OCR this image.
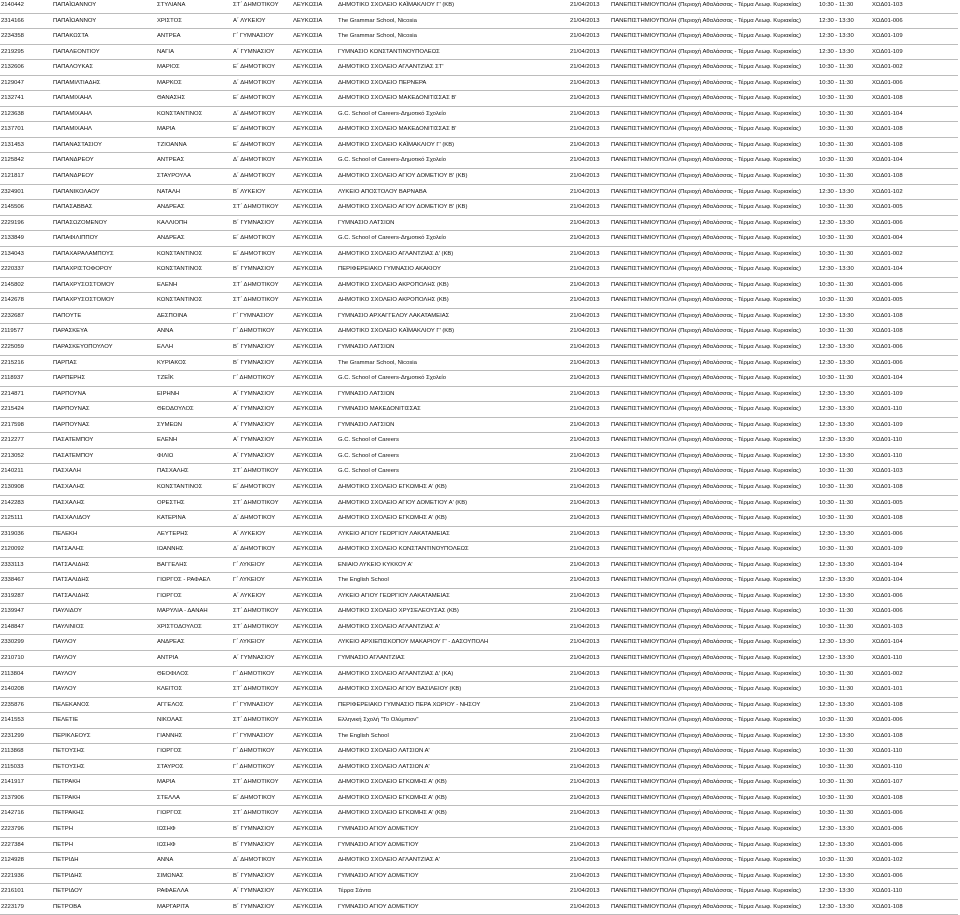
2140442	ΠΑΠΑΪΩΑΝΝΟΥ	ΣΤΥΛΙΑΝΑ	ΣΤ΄ ΔΗΜΟΤΙΚΟΥ	ΛΕΥΚΩΣΙΑ	ΔΗΜΟΤΙΚΟ ΣΧΟΛΕΙΟ ΚΑΪΜΑΚΛΙΟΥ Γ' (ΚΒ)	21/04/2013	ΠΑΝΕΠΙΣΤΗΜΙΟΥΠΟΛΗ (Περιοχή Αθαλάσσας - Τέρμα Λεωφ. Κυριακίας)	10:30 - 11:30	ΧΩΔ01-103
2314166	ΠΑΠΑΪΩΑΝΝΟΥ	ΧΡΙΣΤΟΣ	Α΄ ΛΥΚΕΙΟΥ	ΛΕΥΚΩΣΙΑ	The Grammar School, Nicosia	21/04/2013	ΠΑΝΕΠΙΣΤΗΜΙΟΥΠΟΛΗ (Περιοχή Αθαλάσσας - Τέρμα Λεωφ. Κυριακίας)	12:30 - 13:30	ΧΩΔ01-006
2234358	ΠΑΠΑΚΩΣΤΑ	ΑΝΤΡΕΑ	Γ΄ ΓΥΜΝΑΣΙΟΥ	ΛΕΥΚΩΣΙΑ	The Grammar School, Nicosia	21/04/2013	ΠΑΝΕΠΙΣΤΗΜΙΟΥΠΟΛΗ (Περιοχή Αθαλάσσας - Τέρμα Λεωφ. Κυριακίας)	12:30 - 13:30	ΧΩΔ01-109
2219295	ΠΑΠΑΛΕΟΝΤΙΟΥ	ΝΑΓΙΑ	Α΄ ΓΥΜΝΑΣΙΟΥ	ΛΕΥΚΩΣΙΑ	ΓΥΜΝΑΣΙΟ ΚΩΝΣΤΑΝΤΙΝΟΥΠΟΛΕΩΣ	21/04/2013	ΠΑΝΕΠΙΣΤΗΜΙΟΥΠΟΛΗ (Περιοχή Αθαλάσσας - Τέρμα Λεωφ. Κυριακίας)	12:30 - 13:30	ΧΩΔ01-109
2132606	ΠΑΠΑΛΟΥΚΑΣ	ΜΑΡΙΟΣ	Ε΄ ΔΗΜΟΤΙΚΟΥ	ΛΕΥΚΩΣΙΑ	ΔΗΜΟΤΙΚΟ ΣΧΟΛΕΙΟ ΑΓΛΑΝΤΖΙΑΣ ΣΤ'	21/04/2013	ΠΑΝΕΠΙΣΤΗΜΙΟΥΠΟΛΗ (Περιοχή Αθαλάσσας - Τέρμα Λεωφ. Κυριακίας)	10:30 - 11:30	ΧΩΔ01-002
2129047	ΠΑΠΑΜΙΛΤΙΑΔΗΣ	ΜΑΡΚΟΣ	Δ΄ ΔΗΜΟΤΙΚΟΥ	ΛΕΥΚΩΣΙΑ	ΔΗΜΟΤΙΚΟ ΣΧΟΛΕΙΟ ΠΕΡΝΕΡΑ	21/04/2013	ΠΑΝΕΠΙΣΤΗΜΙΟΥΠΟΛΗ (Περιοχή Αθαλάσσας - Τέρμα Λεωφ. Κυριακίας)	10:30 - 11:30	ΧΩΔ01-006
2132741	ΠΑΠΑΜΙΧΑΗΛ	ΘΑΝΑΣΗΣ	Ε΄ ΔΗΜΟΤΙΚΟΥ	ΛΕΥΚΩΣΙΑ	ΔΗΜΟΤΙΚΟ ΣΧΟΛΕΙΟ ΜΑΚΕΔΟΝΙΤΙΣΣΑΣ Β'	21/04/2013	ΠΑΝΕΠΙΣΤΗΜΙΟΥΠΟΛΗ (Περιοχή Αθαλάσσας - Τέρμα Λεωφ. Κυριακίας)	10:30 - 11:30	ΧΩΔ01-108
2123638	ΠΑΠΑΜΙΧΑΗΛ	ΚΩΝΣΤΑΝΤΙΝΟΣ	Δ΄ ΔΗΜΟΤΙΚΟΥ	ΛΕΥΚΩΣΙΑ	G.C. School of Careers-Δημοτικό Σχολείο	21/04/2013	ΠΑΝΕΠΙΣΤΗΜΙΟΥΠΟΛΗ (Περιοχή Αθαλάσσας - Τέρμα Λεωφ. Κυριακίας)	10:30 - 11:30	ΧΩΔ01-104
2137701	ΠΑΠΑΜΙΧΑΗΛ	ΜΑΡΙΑ	Ε΄ ΔΗΜΟΤΙΚΟΥ	ΛΕΥΚΩΣΙΑ	ΔΗΜΟΤΙΚΟ ΣΧΟΛΕΙΟ ΜΑΚΕΔΟΝΙΤΙΣΣΑΣ Β'	21/04/2013	ΠΑΝΕΠΙΣΤΗΜΙΟΥΠΟΛΗ (Περιοχή Αθαλάσσας - Τέρμα Λεωφ. Κυριακίας)	10:30 - 11:30	ΧΩΔ01-108
2131453	ΠΑΠΑΝΑΣΤΑΣΙΟΥ	ΤΖΙΟΑΝΝΑ	Ε΄ ΔΗΜΟΤΙΚΟΥ	ΛΕΥΚΩΣΙΑ	ΔΗΜΟΤΙΚΟ ΣΧΟΛΕΙΟ ΚΑΪΜΑΚΛΙΟΥ Γ' (ΚΒ)	21/04/2013	ΠΑΝΕΠΙΣΤΗΜΙΟΥΠΟΛΗ (Περιοχή Αθαλάσσας - Τέρμα Λεωφ. Κυριακίας)	10:30 - 11:30	ΧΩΔ01-108
2125842	ΠΑΠΑΝΔΡΕΟΥ	ΑΝΤΡΕΑΣ	Δ΄ ΔΗΜΟΤΙΚΟΥ	ΛΕΥΚΩΣΙΑ	G.C. School of Careers-Δημοτικό Σχολείο	21/04/2013	ΠΑΝΕΠΙΣΤΗΜΙΟΥΠΟΛΗ (Περιοχή Αθαλάσσας - Τέρμα Λεωφ. Κυριακίας)	10:30 - 11:30	ΧΩΔ01-104
2121817	ΠΑΠΑΝΔΡΕΟΥ	ΣΤΑΥΡΟΥΛΑ	Δ΄ ΔΗΜΟΤΙΚΟΥ	ΛΕΥΚΩΣΙΑ	ΔΗΜΟΤΙΚΟ ΣΧΟΛΕΙΟ ΑΓΙΟΥ ΔΟΜΕΤΙΟΥ Β' (ΚΒ)	21/04/2013	ΠΑΝΕΠΙΣΤΗΜΙΟΥΠΟΛΗ (Περιοχή Αθαλάσσας - Τέρμα Λεωφ. Κυριακίας)	10:30 - 11:30	ΧΩΔ01-108
2324901	ΠΑΠΑΝΙΚΟΛΑΟΥ	ΝΑΤΑΛΗ	Β΄ ΛΥΚΕΙΟΥ	ΛΕΥΚΩΣΙΑ	ΛΥΚΕΙΟ ΑΠΟΣΤΟΛΟΥ ΒΑΡΝΑΒΑ	21/04/2013	ΠΑΝΕΠΙΣΤΗΜΙΟΥΠΟΛΗ (Περιοχή Αθαλάσσας - Τέρμα Λεωφ. Κυριακίας)	12:30 - 13:30	ΧΩΔ01-102
2145506	ΠΑΠΑΣΑΒΒΑΣ	ΑΝΔΡΕΑΣ	ΣΤ΄ ΔΗΜΟΤΙΚΟΥ	ΛΕΥΚΩΣΙΑ	ΔΗΜΟΤΙΚΟ ΣΧΟΛΕΙΟ ΑΓΙΟΥ ΔΟΜΕΤΙΟΥ Β' (ΚΒ)	21/04/2013	ΠΑΝΕΠΙΣΤΗΜΙΟΥΠΟΛΗ (Περιοχή Αθαλάσσας - Τέρμα Λεωφ. Κυριακίας)	10:30 - 11:30	ΧΩΔ01-005
2229196	ΠΑΠΑΣΩΖΟΜΕΝΟΥ	ΚΑΛΛΙΟΠΗ	Β΄ ΓΥΜΝΑΣΙΟΥ	ΛΕΥΚΩΣΙΑ	ΓΥΜΝΑΣΙΟ ΛΑΤΣΙΩΝ	21/04/2013	ΠΑΝΕΠΙΣΤΗΜΙΟΥΠΟΛΗ (Περιοχή Αθαλάσσας - Τέρμα Λεωφ. Κυριακίας)	12:30 - 13:30	ΧΩΔ01-006
2133849	ΠΑΠΑΦΙΛΙΠΠΟΥ	ΑΝΔΡΕΑΣ	Ε΄ ΔΗΜΟΤΙΚΟΥ	ΛΕΥΚΩΣΙΑ	G.C. School of Careers-Δημοτικό Σχολείο	21/04/2013	ΠΑΝΕΠΙΣΤΗΜΙΟΥΠΟΛΗ (Περιοχή Αθαλάσσας - Τέρμα Λεωφ. Κυριακίας)	10:30 - 11:30	ΧΩΔ01-004
2134043	ΠΑΠΑΧΑΡΑΛΑΜΠΟΥΣ	ΚΩΝΣΤΑΝΤΙΝΟΣ	Ε΄ ΔΗΜΟΤΙΚΟΥ	ΛΕΥΚΩΣΙΑ	ΔΗΜΟΤΙΚΟ ΣΧΟΛΕΙΟ ΑΓΛΑΝΤΖΙΑΣ Δ' (ΚΒ)	21/04/2013	ΠΑΝΕΠΙΣΤΗΜΙΟΥΠΟΛΗ (Περιοχή Αθαλάσσας - Τέρμα Λεωφ. Κυριακίας)	10:30 - 11:30	ΧΩΔ01-002
2220337	ΠΑΠΑΧΡΙΣΤΟΦΟΡΟΥ	ΚΩΝΣΤΑΝΤΙΝΟΣ	Β΄ ΓΥΜΝΑΣΙΟΥ	ΛΕΥΚΩΣΙΑ	ΠΕΡΙΦΕΡΕΙΑΚΟ ΓΥΜΝΑΣΙΟ ΑΚΑΚΙΟΥ	21/04/2013	ΠΑΝΕΠΙΣΤΗΜΙΟΥΠΟΛΗ (Περιοχή Αθαλάσσας - Τέρμα Λεωφ. Κυριακίας)	12:30 - 13:30	ΧΩΔ01-104
2145802	ΠΑΠΑΧΡΥΣΟΣΤΟΜΟΥ	ΕΛΕΝΗ	ΣΤ΄ ΔΗΜΟΤΙΚΟΥ	ΛΕΥΚΩΣΙΑ	ΔΗΜΟΤΙΚΟ ΣΧΟΛΕΙΟ ΑΚΡΟΠΟΛΗΣ (ΚΒ)	21/04/2013	ΠΑΝΕΠΙΣΤΗΜΙΟΥΠΟΛΗ (Περιοχή Αθαλάσσας - Τέρμα Λεωφ. Κυριακίας)	10:30 - 11:30	ΧΩΔ01-006
2142678	ΠΑΠΑΧΡΥΣΟΣΤΟΜΟΥ	ΚΩΝΣΤΑΝΤΙΝΟΣ	ΣΤ΄ ΔΗΜΟΤΙΚΟΥ	ΛΕΥΚΩΣΙΑ	ΔΗΜΟΤΙΚΟ ΣΧΟΛΕΙΟ ΑΚΡΟΠΟΛΗΣ (ΚΒ)	21/04/2013	ΠΑΝΕΠΙΣΤΗΜΙΟΥΠΟΛΗ (Περιοχή Αθαλάσσας - Τέρμα Λεωφ. Κυριακίας)	10:30 - 11:30	ΧΩΔ01-005
2232687	ΠΑΠΟΥΤΕ	ΔΕΣΠΟΙΝΑ	Γ΄ ΓΥΜΝΑΣΙΟΥ	ΛΕΥΚΩΣΙΑ	ΓΥΜΝΑΣΙΟ ΑΡΧΑΓΓΕΛΟΥ ΛΑΚΑΤΑΜΕΙΑΣ	21/04/2013	ΠΑΝΕΠΙΣΤΗΜΙΟΥΠΟΛΗ (Περιοχή Αθαλάσσας - Τέρμα Λεωφ. Κυριακίας)	12:30 - 13:30	ΧΩΔ01-108
2119577	ΠΑΡΑΣΚΕΥΑ	ΑΝΝΑ	Γ΄ ΔΗΜΟΤΙΚΟΥ	ΛΕΥΚΩΣΙΑ	ΔΗΜΟΤΙΚΟ ΣΧΟΛΕΙΟ ΚΑΪΜΑΚΛΙΟΥ Γ' (ΚΒ)	21/04/2013	ΠΑΝΕΠΙΣΤΗΜΙΟΥΠΟΛΗ (Περιοχή Αθαλάσσας - Τέρμα Λεωφ. Κυριακίας)	10:30 - 11:30	ΧΩΔ01-108
2225059	ΠΑΡΑΣΚΕΥΟΠΟΥΛΟΥ	ΕΛΛΗ	Β΄ ΓΥΜΝΑΣΙΟΥ	ΛΕΥΚΩΣΙΑ	ΓΥΜΝΑΣΙΟ ΛΑΤΣΙΩΝ	21/04/2013	ΠΑΝΕΠΙΣΤΗΜΙΟΥΠΟΛΗ (Περιοχή Αθαλάσσας - Τέρμα Λεωφ. Κυριακίας)	12:30 - 13:30	ΧΩΔ01-006
2215216	ΠΑΡΠΑΣ	ΚΥΡΙΑΚΟΣ	Β΄ ΓΥΜΝΑΣΙΟΥ	ΛΕΥΚΩΣΙΑ	The Grammar School, Nicosia	21/04/2013	ΠΑΝΕΠΙΣΤΗΜΙΟΥΠΟΛΗ (Περιοχή Αθαλάσσας - Τέρμα Λεωφ. Κυριακίας)	12:30 - 13:30	ΧΩΔ01-006
2118937	ΠΑΡΠΕΡΗΣ	ΤΖΕΪΚ	Γ΄ ΔΗΜΟΤΙΚΟΥ	ΛΕΥΚΩΣΙΑ	G.C. School of Careers-Δημοτικό Σχολείο	21/04/2013	ΠΑΝΕΠΙΣΤΗΜΙΟΥΠΟΛΗ (Περιοχή Αθαλάσσας - Τέρμα Λεωφ. Κυριακίας)	10:30 - 11:30	ΧΩΔ01-104
2214871	ΠΑΡΠΟΥΝΑ	ΕΙΡΗΝΗ	Α΄ ΓΥΜΝΑΣΙΟΥ	ΛΕΥΚΩΣΙΑ	ΓΥΜΝΑΣΙΟ ΛΑΤΣΙΩΝ	21/04/2013	ΠΑΝΕΠΙΣΤΗΜΙΟΥΠΟΛΗ (Περιοχή Αθαλάσσας - Τέρμα Λεωφ. Κυριακίας)	12:30 - 13:30	ΧΩΔ01-109
2215424	ΠΑΡΠΟΥΝΑΣ	ΘΕΟΔΟΥΛΟΣ	Α΄ ΓΥΜΝΑΣΙΟΥ	ΛΕΥΚΩΣΙΑ	ΓΥΜΝΑΣΙΟ ΜΑΚΕΔΟΝΙΤΙΣΣΑΣ	21/04/2013	ΠΑΝΕΠΙΣΤΗΜΙΟΥΠΟΛΗ (Περιοχή Αθαλάσσας - Τέρμα Λεωφ. Κυριακίας)	12:30 - 13:30	ΧΩΔ01-110
2217598	ΠΑΡΠΟΥΝΑΣ	ΣΥΜΕΩΝ	Α΄ ΓΥΜΝΑΣΙΟΥ	ΛΕΥΚΩΣΙΑ	ΓΥΜΝΑΣΙΟ ΛΑΤΣΙΩΝ	21/04/2013	ΠΑΝΕΠΙΣΤΗΜΙΟΥΠΟΛΗ (Περιοχή Αθαλάσσας - Τέρμα Λεωφ. Κυριακίας)	12:30 - 13:30	ΧΩΔ01-109
2212277	ΠΑΣΑΤΕΜΠΟΥ	ΕΛΕΝΗ	Α΄ ΓΥΜΝΑΣΙΟΥ	ΛΕΥΚΩΣΙΑ	G.C. School of Careers	21/04/2013	ΠΑΝΕΠΙΣΤΗΜΙΟΥΠΟΛΗ (Περιοχή Αθαλάσσας - Τέρμα Λεωφ. Κυριακίας)	12:30 - 13:30	ΧΩΔ01-110
2213052	ΠΑΣΑΤΕΜΠΟΥ	ΦΙΛΙΩ	Α΄ ΓΥΜΝΑΣΙΟΥ	ΛΕΥΚΩΣΙΑ	G.C. School of Careers	21/04/2013	ΠΑΝΕΠΙΣΤΗΜΙΟΥΠΟΛΗ (Περιοχή Αθαλάσσας - Τέρμα Λεωφ. Κυριακίας)	12:30 - 13:30	ΧΩΔ01-110
2140211	ΠΑΣΧΑΛΗ	ΠΑΣΧΑΛΗΣ	ΣΤ΄ ΔΗΜΟΤΙΚΟΥ	ΛΕΥΚΩΣΙΑ	G.C. School of Careers	21/04/2013	ΠΑΝΕΠΙΣΤΗΜΙΟΥΠΟΛΗ (Περιοχή Αθαλάσσας - Τέρμα Λεωφ. Κυριακίας)	10:30 - 11:30	ΧΩΔ01-103
2130908	ΠΑΣΧΑΛΗΣ	ΚΩΝΣΤΑΝΤΙΝΟΣ	Ε΄ ΔΗΜΟΤΙΚΟΥ	ΛΕΥΚΩΣΙΑ	ΔΗΜΟΤΙΚΟ ΣΧΟΛΕΙΟ ΕΓΚΩΜΗΣ Α' (ΚΒ)	21/04/2013	ΠΑΝΕΠΙΣΤΗΜΙΟΥΠΟΛΗ (Περιοχή Αθαλάσσας - Τέρμα Λεωφ. Κυριακίας)	10:30 - 11:30	ΧΩΔ01-108
2142283	ΠΑΣΧΑΛΗΣ	ΟΡΕΣΤΗΣ	ΣΤ΄ ΔΗΜΟΤΙΚΟΥ	ΛΕΥΚΩΣΙΑ	ΔΗΜΟΤΙΚΟ ΣΧΟΛΕΙΟ ΑΓΙΟΥ ΔΟΜΕΤΙΟΥ Α' (ΚΒ)	21/04/2013	ΠΑΝΕΠΙΣΤΗΜΙΟΥΠΟΛΗ (Περιοχή Αθαλάσσας - Τέρμα Λεωφ. Κυριακίας)	10:30 - 11:30	ΧΩΔ01-005
2125111	ΠΑΣΧΑΛΙΔΟΥ	ΚΑΤΕΡΙΝΑ	Δ΄ ΔΗΜΟΤΙΚΟΥ	ΛΕΥΚΩΣΙΑ	ΔΗΜΟΤΙΚΟ ΣΧΟΛΕΙΟ ΕΓΚΩΜΗΣ Α' (ΚΒ)	21/04/2013	ΠΑΝΕΠΙΣΤΗΜΙΟΥΠΟΛΗ (Περιοχή Αθαλάσσας - Τέρμα Λεωφ. Κυριακίας)	10:30 - 11:30	ΧΩΔ01-108
2319036	ΠΕΛΕΚΗ	ΛΕΥΤΕΡΗΣ	Α΄ ΛΥΚΕΙΟΥ	ΛΕΥΚΩΣΙΑ	ΛΥΚΕΙΟ ΑΓΙΟΥ ΓΕΩΡΓΙΟΥ ΛΑΚΑΤΑΜΕΙΑΣ	21/04/2013	ΠΑΝΕΠΙΣΤΗΜΙΟΥΠΟΛΗ (Περιοχή Αθαλάσσας - Τέρμα Λεωφ. Κυριακίας)	12:30 - 13:30	ΧΩΔ01-006
2120092	ΠΑΤΣΑΛΗΣ	ΙΩΑΝΝΗΣ	Δ΄ ΔΗΜΟΤΙΚΟΥ	ΛΕΥΚΩΣΙΑ	ΔΗΜΟΤΙΚΟ ΣΧΟΛΕΙΟ ΚΩΝΣΤΑΝΤΙΝΟΥΠΟΛΕΩΣ	21/04/2013	ΠΑΝΕΠΙΣΤΗΜΙΟΥΠΟΛΗ (Περιοχή Αθαλάσσας - Τέρμα Λεωφ. Κυριακίας)	10:30 - 11:30	ΧΩΔ01-109
2333113	ΠΑΤΣΑΛΙΔΗΣ	ΒΑΓΓΕΛΗΣ	Γ΄ ΛΥΚΕΙΟΥ	ΛΕΥΚΩΣΙΑ	ΕΝΙΑΙΟ ΛΥΚΕΙΟ ΚΥΚΚΟΥ Α'	21/04/2013	ΠΑΝΕΠΙΣΤΗΜΙΟΥΠΟΛΗ (Περιοχή Αθαλάσσας - Τέρμα Λεωφ. Κυριακίας)	12:30 - 13:30	ΧΩΔ01-104
2338467	ΠΑΤΣΑΛΙΔΗΣ	ΓΙΩΡΓΟΣ - ΡΑΦΑΕΛ	Γ΄ ΛΥΚΕΙΟΥ	ΛΕΥΚΩΣΙΑ	The English School	21/04/2013	ΠΑΝΕΠΙΣΤΗΜΙΟΥΠΟΛΗ (Περιοχή Αθαλάσσας - Τέρμα Λεωφ. Κυριακίας)	12:30 - 13:30	ΧΩΔ01-104
2319287	ΠΑΤΣΑΛΙΔΗΣ	ΓΙΩΡΓΟΣ	Α΄ ΛΥΚΕΙΟΥ	ΛΕΥΚΩΣΙΑ	ΛΥΚΕΙΟ ΑΓΙΟΥ ΓΕΩΡΓΙΟΥ ΛΑΚΑΤΑΜΕΙΑΣ	21/04/2013	ΠΑΝΕΠΙΣΤΗΜΙΟΥΠΟΛΗ (Περιοχή Αθαλάσσας - Τέρμα Λεωφ. Κυριακίας)	12:30 - 13:30	ΧΩΔ01-006
2139947	ΠΑΥΛΙΔΟΥ	ΜΑΡΥΛΙΑ - ΔΑΝΑΗ	ΣΤ΄ ΔΗΜΟΤΙΚΟΥ	ΛΕΥΚΩΣΙΑ	ΔΗΜΟΤΙΚΟ ΣΧΟΛΕΙΟ ΧΡΥΣΕΛΕΟΥΣΑΣ (ΚΒ)	21/04/2013	ΠΑΝΕΠΙΣΤΗΜΙΟΥΠΟΛΗ (Περιοχή Αθαλάσσας - Τέρμα Λεωφ. Κυριακίας)	10:30 - 11:30	ΧΩΔ01-006
2148847	ΠΑΥΛΙΝΙΟΣ	ΧΡΙΣΤΟΔΟΥΛΟΣ	ΣΤ΄ ΔΗΜΟΤΙΚΟΥ	ΛΕΥΚΩΣΙΑ	ΔΗΜΟΤΙΚΟ ΣΧΟΛΕΙΟ ΑΓΛΑΝΤΖΙΑΣ Α'	21/04/2013	ΠΑΝΕΠΙΣΤΗΜΙΟΥΠΟΛΗ (Περιοχή Αθαλάσσας - Τέρμα Λεωφ. Κυριακίας)	10:30 - 11:30	ΧΩΔ01-103
2330299	ΠΑΥΛΟΥ	ΑΝΔΡΕΑΣ	Γ΄ ΛΥΚΕΙΟΥ	ΛΕΥΚΩΣΙΑ	ΛΥΚΕΙΟ ΑΡΧΙΕΠΙΣΚΟΠΟΥ ΜΑΚΑΡΙΟΥ Γ' - ΔΑΣΟΥΠΟΛΗ	21/04/2013	ΠΑΝΕΠΙΣΤΗΜΙΟΥΠΟΛΗ (Περιοχή Αθαλάσσας - Τέρμα Λεωφ. Κυριακίας)	12:30 - 13:30	ΧΩΔ01-104
2210710	ΠΑΥΛΟΥ	ΑΝΤΡΙΑ	Α΄ ΓΥΜΝΑΣΙΟΥ	ΛΕΥΚΩΣΙΑ	ΓΥΜΝΑΣΙΟ ΑΓΛΑΝΤΖΙΑΣ	21/04/2013	ΠΑΝΕΠΙΣΤΗΜΙΟΥΠΟΛΗ (Περιοχή Αθαλάσσας - Τέρμα Λεωφ. Κυριακίας)	12:30 - 13:30	ΧΩΔ01-110
2113804	ΠΑΥΛΟΥ	ΘΕΟΦΙΛΟΣ	Γ΄ ΔΗΜΟΤΙΚΟΥ	ΛΕΥΚΩΣΙΑ	ΔΗΜΟΤΙΚΟ ΣΧΟΛΕΙΟ ΑΓΛΑΝΤΖΙΑΣ Δ' (ΚΑ)	21/04/2013	ΠΑΝΕΠΙΣΤΗΜΙΟΥΠΟΛΗ (Περιοχή Αθαλάσσας - Τέρμα Λεωφ. Κυριακίας)	10:30 - 11:30	ΧΩΔ01-002
2140208	ΠΑΥΛΟΥ	ΚΛΕΙΤΟΣ	ΣΤ΄ ΔΗΜΟΤΙΚΟΥ	ΛΕΥΚΩΣΙΑ	ΔΗΜΟΤΙΚΟ ΣΧΟΛΕΙΟ ΑΓΙΟΥ ΒΑΣΙΛΕΙΟΥ (ΚΒ)	21/04/2013	ΠΑΝΕΠΙΣΤΗΜΙΟΥΠΟΛΗ (Περιοχή Αθαλάσσας - Τέρμα Λεωφ. Κυριακίας)	10:30 - 11:30	ΧΩΔ01-101
2235876	ΠΕΛΕΚΑΝΟΣ	ΑΓΓΕΛΟΣ	Γ΄ ΓΥΜΝΑΣΙΟΥ	ΛΕΥΚΩΣΙΑ	ΠΕΡΙΦΕΡΕΙΑΚΟ ΓΥΜΝΑΣΙΟ ΠΕΡΑ ΧΩΡΙΟΥ - ΝΗΣΟΥ	21/04/2013	ΠΑΝΕΠΙΣΤΗΜΙΟΥΠΟΛΗ (Περιοχή Αθαλάσσας - Τέρμα Λεωφ. Κυριακίας)	12:30 - 13:30	ΧΩΔ01-108
2141553	ΠΕΛΕΤΙΕ	ΝΙΚΟΛΑΣ	ΣΤ΄ ΔΗΜΟΤΙΚΟΥ	ΛΕΥΚΩΣΙΑ	Ελληνική Σχολή "Το Ολύμπιον"	21/04/2013	ΠΑΝΕΠΙΣΤΗΜΙΟΥΠΟΛΗ (Περιοχή Αθαλάσσας - Τέρμα Λεωφ. Κυριακίας)	10:30 - 11:30	ΧΩΔ01-006
2231299	ΠΕΡΙΚΛΕΟΥΣ	ΓΙΑΝΝΗΣ	Γ΄ ΓΥΜΝΑΣΙΟΥ	ΛΕΥΚΩΣΙΑ	The English School	21/04/2013	ΠΑΝΕΠΙΣΤΗΜΙΟΥΠΟΛΗ (Περιοχή Αθαλάσσας - Τέρμα Λεωφ. Κυριακίας)	12:30 - 13:30	ΧΩΔ01-108
2113868	ΠΕΤΟΥΣΗΣ	ΓΙΩΡΓΟΣ	Γ΄ ΔΗΜΟΤΙΚΟΥ	ΛΕΥΚΩΣΙΑ	ΔΗΜΟΤΙΚΟ ΣΧΟΛΕΙΟ ΛΑΤΣΙΩΝ Α'	21/04/2013	ΠΑΝΕΠΙΣΤΗΜΙΟΥΠΟΛΗ (Περιοχή Αθαλάσσας - Τέρμα Λεωφ. Κυριακίας)	10:30 - 11:30	ΧΩΔ01-110
2115033	ΠΕΤΟΥΣΗΣ	ΣΤΑΥΡΟΣ	Γ΄ ΔΗΜΟΤΙΚΟΥ	ΛΕΥΚΩΣΙΑ	ΔΗΜΟΤΙΚΟ ΣΧΟΛΕΙΟ ΛΑΤΣΙΩΝ Α'	21/04/2013	ΠΑΝΕΠΙΣΤΗΜΙΟΥΠΟΛΗ (Περιοχή Αθαλάσσας - Τέρμα Λεωφ. Κυριακίας)	10:30 - 11:30	ΧΩΔ01-110
2141917	ΠΕΤΡΑΚΗ	ΜΑΡΙΑ	ΣΤ΄ ΔΗΜΟΤΙΚΟΥ	ΛΕΥΚΩΣΙΑ	ΔΗΜΟΤΙΚΟ ΣΧΟΛΕΙΟ ΕΓΚΩΜΗΣ Α' (ΚΒ)	21/04/2013	ΠΑΝΕΠΙΣΤΗΜΙΟΥΠΟΛΗ (Περιοχή Αθαλάσσας - Τέρμα Λεωφ. Κυριακίας)	10:30 - 11:30	ΧΩΔ01-107
2137906	ΠΕΤΡΑΚΗ	ΣΤΕΛΛΑ	Ε΄ ΔΗΜΟΤΙΚΟΥ	ΛΕΥΚΩΣΙΑ	ΔΗΜΟΤΙΚΟ ΣΧΟΛΕΙΟ ΕΓΚΩΜΗΣ Α' (ΚΒ)	21/04/2013	ΠΑΝΕΠΙΣΤΗΜΙΟΥΠΟΛΗ (Περιοχή Αθαλάσσας - Τέρμα Λεωφ. Κυριακίας)	10:30 - 11:30	ΧΩΔ01-108
2142716	ΠΕΤΡΑΚΗΣ	ΓΙΩΡΓΟΣ	ΣΤ΄ ΔΗΜΟΤΙΚΟΥ	ΛΕΥΚΩΣΙΑ	ΔΗΜΟΤΙΚΟ ΣΧΟΛΕΙΟ ΕΓΚΩΜΗΣ Α' (ΚΒ)	21/04/2013	ΠΑΝΕΠΙΣΤΗΜΙΟΥΠΟΛΗ (Περιοχή Αθαλάσσας - Τέρμα Λεωφ. Κυριακίας)	10:30 - 11:30	ΧΩΔ01-006
2223796	ΠΕΤΡΗ	ΙΩΣΗΦ	Β΄ ΓΥΜΝΑΣΙΟΥ	ΛΕΥΚΩΣΙΑ	ΓΥΜΝΑΣΙΟ ΑΓΙΟΥ ΔΟΜΕΤΙΟΥ	21/04/2013	ΠΑΝΕΠΙΣΤΗΜΙΟΥΠΟΛΗ (Περιοχή Αθαλάσσας - Τέρμα Λεωφ. Κυριακίας)	12:30 - 13:30	ΧΩΔ01-006
2227384	ΠΕΤΡΗ	ΙΩΣΗΦ	Β΄ ΓΥΜΝΑΣΙΟΥ	ΛΕΥΚΩΣΙΑ	ΓΥΜΝΑΣΙΟ ΑΓΙΟΥ ΔΟΜΕΤΙΟΥ	21/04/2013	ΠΑΝΕΠΙΣΤΗΜΙΟΥΠΟΛΗ (Περιοχή Αθαλάσσας - Τέρμα Λεωφ. Κυριακίας)	12:30 - 13:30	ΧΩΔ01-006
2124928	ΠΕΤΡΙΔΗ	ΑΝΝΑ	Δ΄ ΔΗΜΟΤΙΚΟΥ	ΛΕΥΚΩΣΙΑ	ΔΗΜΟΤΙΚΟ ΣΧΟΛΕΙΟ ΑΓΛΑΝΤΖΙΑΣ Α'	21/04/2013	ΠΑΝΕΠΙΣΤΗΜΙΟΥΠΟΛΗ (Περιοχή Αθαλάσσας - Τέρμα Λεωφ. Κυριακίας)	10:30 - 11:30	ΧΩΔ01-102
2221936	ΠΕΤΡΙΔΗΣ	ΣΙΜΩΝΑΣ	Β΄ ΓΥΜΝΑΣΙΟΥ	ΛΕΥΚΩΣΙΑ	ΓΥΜΝΑΣΙΟ ΑΓΙΟΥ ΔΟΜΕΤΙΟΥ	21/04/2013	ΠΑΝΕΠΙΣΤΗΜΙΟΥΠΟΛΗ (Περιοχή Αθαλάσσας - Τέρμα Λεωφ. Κυριακίας)	12:30 - 13:30	ΧΩΔ01-006
2216101	ΠΕΤΡΙΔΟΥ	ΡΑΦΑΕΛΛΑ	Α΄ ΓΥΜΝΑΣΙΟΥ	ΛΕΥΚΩΣΙΑ	Τέρρα Σάντα	21/04/2013	ΠΑΝΕΠΙΣΤΗΜΙΟΥΠΟΛΗ (Περιοχή Αθαλάσσας - Τέρμα Λεωφ. Κυριακίας)	12:30 - 13:30	ΧΩΔ01-110
2223179	ΠΕΤΡΟΒΑ	ΜΑΡΓΑΡΙΤΑ	Β΄ ΓΥΜΝΑΣΙΟΥ	ΛΕΥΚΩΣΙΑ	ΓΥΜΝΑΣΙΟ ΑΓΙΟΥ ΔΟΜΕΤΙΟΥ	21/04/2013	ΠΑΝΕΠΙΣΤΗΜΙΟΥΠΟΛΗ (Περιοχή Αθαλάσσας - Τέρμα Λεωφ. Κυριακίας)	12:30 - 13:30	ΧΩΔ01-108
